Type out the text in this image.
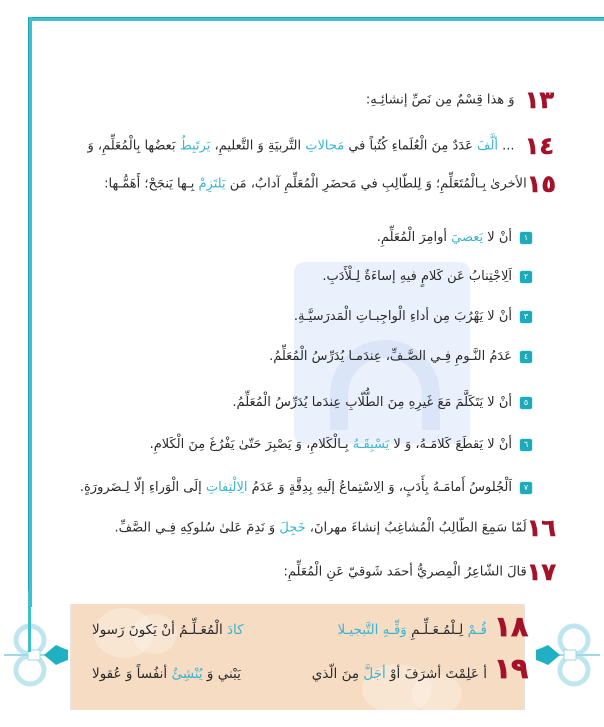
١٣ وَ هذا قِسْمٌ مِن نَصِّ إنشائِـهِ:
١٤ ... ألَّفَ عَدَدٌ مِنَ الْعُلَماءِ كُتُباً في مَجالاتِ التَّربيَةِ وَ التَّعليمِ، يَرتَبِطُ بَعضُها بِالْمُعَلِّمِ، وَ
١٥الأخرىٰ بِـالْمُتَعَلِّمِ؛ وَ لِلطّالِبِ في مَحضَرِ الْمُعَلِّمِ آدابٌ، مَن يَلتَزِمْ بِـها يَنجَحْ؛ أَهَمُّـها:
١أنْ لا يَعصيَ أوامِرَ الْمُعَلِّمِ.
٢اَلِاجْتِنابُ عَن كَلامٍ فيهِ إساءَةٌ لِـلْأَدَبِ.
٣أنْ لا يَهْرُبَ مِن أداءِ الْواجِبـاتِ الْمَدرَسيَّـةِ.
٤عَدَمُ النَّـومِ فِـي الصَّـفِّ، عِندَمـا يُدَرِّسُ الْمُعَلِّمُ.
٥أنْ لا يَتَكَلَّمَ مَعَ غَيرِهِ مِنَ الطُّلّابِ عِندَما يُدَرِّسُ الْمُعَلِّمُ.
٦أنْ لا يَقطَعَ كَلامَـهُ، وَ لا يَسْبِقَـهُ بِـالْكَلامِ، وَ يَصْبِرَ حَتّىٰ يَفْرُغَ مِنَ الْكَلامِ.
٧اَلْجُلوسُ أَمامَـهُ بِأَدَبٍ، وَ الِاسْتِماعُ إلَيهِ بِدِقَّةٍ وَ عَدَمُ الِالْتِفاتِ إلَى الْوَراءِ إلّا لِـضَرورَةٍ.
١٦لَمّا سَمِعَ الطّالِبُ الْمُشاغِبُ إنشاءَ مهرانَ، خَجِلَ وَ نَدِمَ عَلىٰ سُلوكِهِ فِـي الصَّفِّ.
١٧قالَ الشّاعِرُ الْمِصريُّ أحمَد شَوقيّ عَنِ الْمُعَلِّمِ:
قُـمْ لِـلْمُـعَـلِّـمِ وَفِّـهِ التَّبجيـلا
كادَ الْمُعَـلِّـمُ أنْ يَكونَ رَسولا
أ عَلِمْتَ أشرَفَ أوْ أجَلَّ مِنَ الّذي
يَبْني وَ يُنْشِئُ أنفُساً وَ عُقولا
١٨
١٩
